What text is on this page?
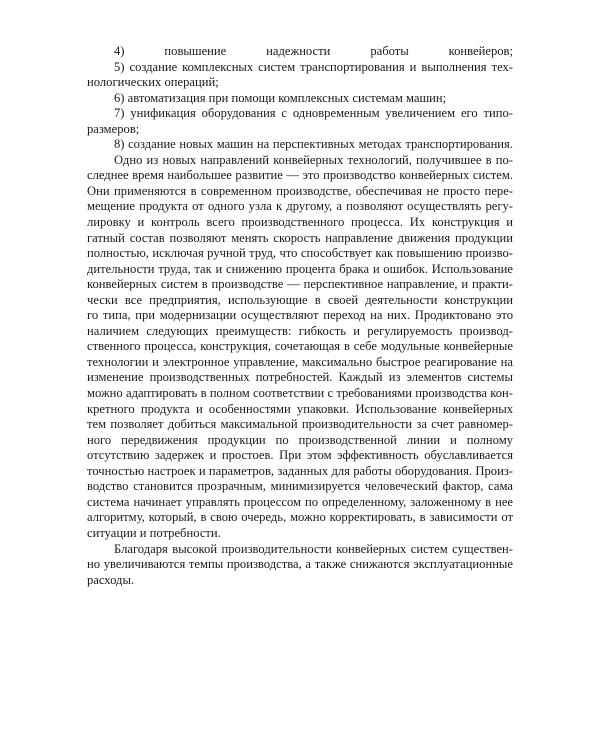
4) повышение надежности работы конвейеров;
5) создание комплексных систем транспортирования и выполнения тех-
нологических операций;
6) автоматизация при помощи комплексных системам машин;
7) унификация оборудования с одновременным увеличением его типо-
размеров;
8) создание новых машин на перспективных методах транспортирования.
Одно из новых направлений конвейерных технологий, получившее в по-
следнее время наибольшее развитие — это производство конвейерных систем.
Они применяются в современном производстве, обеспечивая не просто пере-
мещение продукта от одного узла к другому, а позволяют осуществлять регу-
лировку и контроль всего производственного процесса. Их конструкция и
гатный состав позволяют менять скорость направление движения продукции
полностью, исключая ручной труд, что способствует как повышению произво-
дительности труда, так и снижению процента брака и ошибок. Использование
конвейерных систем в производстве — перспективное направление, и практи-
чески все предприятия, использующие в своей деятельности конструкции
го типа, при модернизации осуществляют переход на них. Продиктовано это
наличием следующих преимуществ: гибкость и регулируемость производ-
ственного процесса, конструкция, сочетающая в себе модульные конвейерные
технологии и электронное управление, максимально быстрое реагирование на
изменение производственных потребностей. Каждый из элементов системы
можно адаптировать в полном соответствии с требованиями производства кон-
кретного продукта и особенностями упаковки. Использование конвейерных
тем позволяет добиться максимальной производительности за счет равномер-
ного передвижения продукции по производственной линии и полному
отсутствию задержек и простоев. При этом эффективность обуславливается
точностью настроек и параметров, заданных для работы оборудования. Произ-
водство становится прозрачным, минимизируется человеческий фактор, сама
система начинает управлять процессом по определенному, заложенному в нее
алгоритму, который, в свою очередь, можно корректировать, в зависимости от
ситуации и потребности.
Благодаря высокой производительности конвейерных систем существен-
но увеличиваются темпы производства, а также снижаются эксплуатационные
расходы.
